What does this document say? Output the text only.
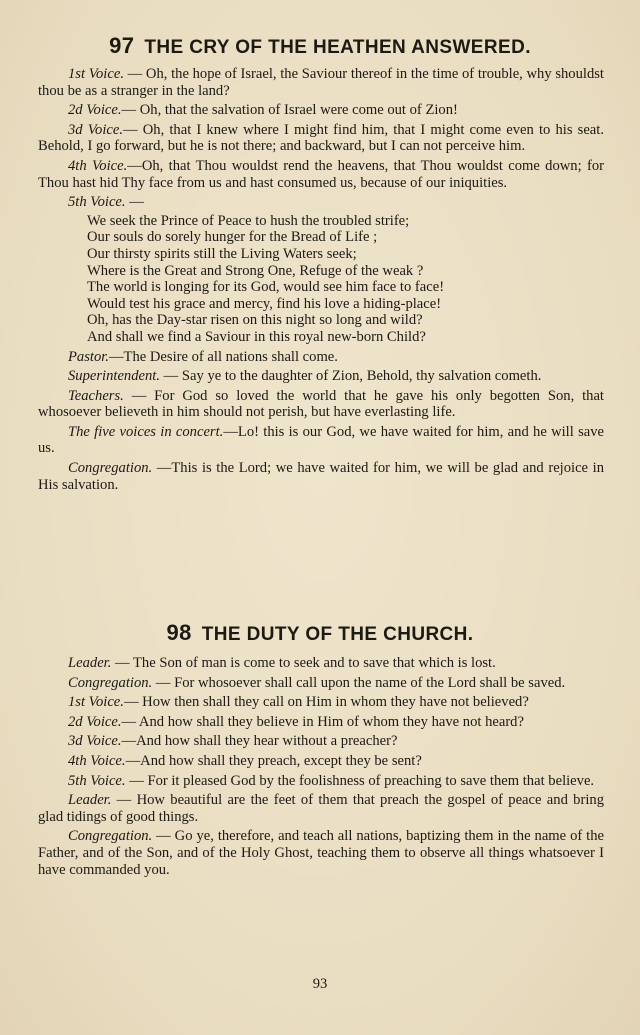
97 THE CRY OF THE HEATHEN ANSWERED.

1st Voice. — Oh, the hope of Israel, the Saviour thereof in the time of trouble, why shouldst thou be as a stranger in the land?

2d Voice.— Oh, that the salvation of Israel were come out of Zion!

3d Voice.— Oh, that I knew where I might find him, that I might come even to his seat. Behold, I go forward, but he is not there; and backward, but I can not perceive him.

4th Voice.—Oh, that Thou wouldst rend the heavens, that Thou wouldst come down; for Thou hast hid Thy face from us and hast consumed us, because of our iniquities.

5th Voice. —

We seek the Prince of Peace to hush the troubled strife;
Our souls do sorely hunger for the Bread of Life ;
Our thirsty spirits still the Living Waters seek;
Where is the Great and Strong One, Refuge of the weak ?
The world is longing for its God, would see him face to face!
Would test his grace and mercy, find his love a hiding-place!
Oh, has the Day-star risen on this night so long and wild?
And shall we find a Saviour in this royal new-born Child?

Pastor.—The Desire of all nations shall come.

Superintendent. — Say ye to the daughter of Zion, Behold, thy salvation cometh.

Teachers. — For God so loved the world that he gave his only begotten Son, that whosoever believeth in him should not perish, but have everlasting life.

The five voices in concert.—Lo! this is our God, we have waited for him, and he will save us.

Congregation. —This is the Lord; we have waited for him, we will be glad and rejoice in His salvation.

98 THE DUTY OF THE CHURCH.

Leader. — The Son of man is come to seek and to save that which is lost.

Congregation. — For whosoever shall call upon the name of the Lord shall be saved.

1st Voice.— How then shall they call on Him in whom they have not believed?

2d Voice.— And how shall they believe in Him of whom they have not heard?

3d Voice.—And how shall they hear without a preacher?

4th Voice.—And how shall they preach, except they be sent?

5th Voice. — For it pleased God by the foolishness of preaching to save them that believe.

Leader. — How beautiful are the feet of them that preach the gospel of peace and bring glad tidings of good things.

Congregation. — Go ye, therefore, and teach all nations, baptizing them in the name of the Father, and of the Son, and of the Holy Ghost, teaching them to observe all things whatsoever I have commanded you.

93
